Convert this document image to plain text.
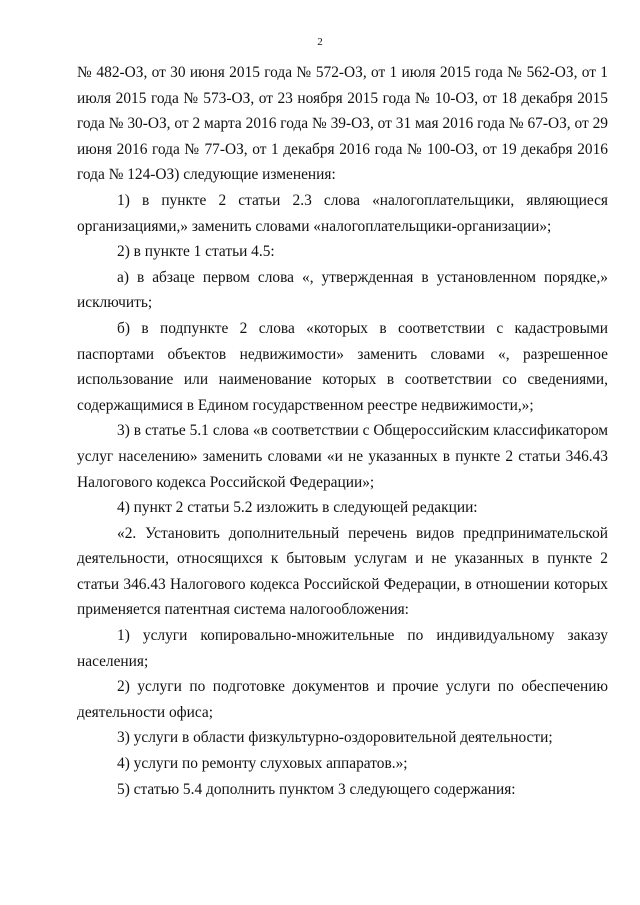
2

№ 482-ОЗ, от 30 июня 2015 года № 572-ОЗ, от 1 июля 2015 года № 562-ОЗ, от 1 июля 2015 года № 573-ОЗ, от 23 ноября 2015 года № 10-ОЗ, от 18 декабря 2015 года № 30-ОЗ, от 2 марта 2016 года № 39-ОЗ, от 31 мая 2016 года № 67-ОЗ, от 29 июня 2016 года № 77-ОЗ, от 1 декабря 2016 года № 100-ОЗ, от 19 декабря 2016 года № 124-ОЗ) следующие изменения:

1) в пункте 2 статьи 2.3 слова «налогоплательщики, являющиеся организациями,» заменить словами «налогоплательщики-организации»;

2) в пункте 1 статьи 4.5:

а) в абзаце первом слова «, утвержденная в установленном порядке,» исключить;

б) в подпункте 2 слова «которых в соответствии с кадастровыми паспортами объектов недвижимости» заменить словами «, разрешенное использование или наименование которых в соответствии со сведениями, содержащимися в Едином государственном реестре недвижимости,»;

3) в статье 5.1 слова «в соответствии с Общероссийским классификатором услуг населению» заменить словами «и не указанных в пункте 2 статьи 346.43 Налогового кодекса Российской Федерации»;

4) пункт 2 статьи 5.2 изложить в следующей редакции:

«2. Установить дополнительный перечень видов предпринимательской деятельности, относящихся к бытовым услугам и не указанных в пункте 2 статьи 346.43 Налогового кодекса Российской Федерации, в отношении которых применяется патентная система налогообложения:

1) услуги копировально-множительные по индивидуальному заказу населения;

2) услуги по подготовке документов и прочие услуги по обеспечению деятельности офиса;

3) услуги в области физкультурно-оздоровительной деятельности;

4) услуги по ремонту слуховых аппаратов.»;

5) статью 5.4 дополнить пунктом 3 следующего содержания:
